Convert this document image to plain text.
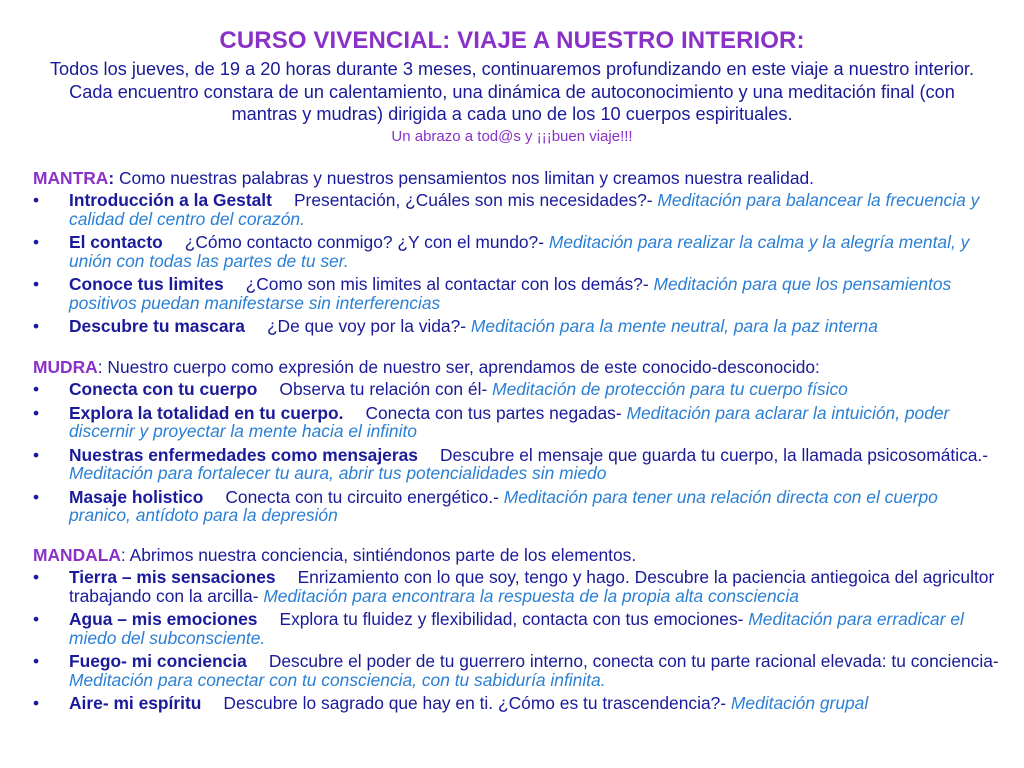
CURSO VIVENCIAL: VIAJE A NUESTRO INTERIOR:

Todos los jueves, de 19 a 20 horas durante 3 meses, continuaremos profundizando en este viaje a nuestro interior. Cada encuentro constara de un calentamiento, una dinámica de autoconocimiento y una meditación final (con mantras y mudras) dirigida a cada uno de los 10 cuerpos espirituales.

Un abrazo a tod@s y ¡¡¡buen viaje!!!

MANTRA: Como nuestras palabras y nuestros pensamientos nos limitan y creamos nuestra realidad.

• Introducción a la Gestalt Presentación, ¿Cuáles son mis necesidades?- Meditación para balancear la frecuencia y calidad del centro del corazón.
• El contacto ¿Cómo contacto conmigo? ¿Y con el mundo?- Meditación para realizar la calma y la alegría mental, y unión con todas las partes de tu ser.
• Conoce tus limites ¿Como son mis limites al contactar con los demás?- Meditación para que los pensamientos positivos puedan manifestarse sin interferencias
• Descubre tu mascara ¿De que voy por la vida?- Meditación para la mente neutral, para la paz interna

MUDRA: Nuestro cuerpo como expresión de nuestro ser, aprendamos de este conocido-desconocido:

• Conecta con tu cuerpo Observa tu relación con él- Meditación de protección para tu cuerpo físico
• Explora la totalidad en tu cuerpo. Conecta con tus partes negadas- Meditación para aclarar la intuición, poder discernir y proyectar la mente hacia el infinito
• Nuestras enfermedades como mensajeras Descubre el mensaje que guarda tu cuerpo, la llamada psicosomática.- Meditación para fortalecer tu aura, abrir tus potencialidades sin miedo
• Masaje holistico Conecta con tu circuito energético.- Meditación para tener una relación directa con el cuerpo pranico, antídoto para la depresión

MANDALA: Abrimos nuestra conciencia, sintiéndonos parte de los elementos.

• Tierra – mis sensaciones Enrizamiento con lo que soy, tengo y hago. Descubre la paciencia antiegoica del agricultor trabajando con la arcilla- Meditación para encontrara la respuesta de la propia alta consciencia
• Agua – mis emociones Explora tu fluidez y flexibilidad, contacta con tus emociones- Meditación para erradicar el miedo del subconsciente.
• Fuego- mi conciencia Descubre el poder de tu guerrero interno, conecta con tu parte racional elevada: tu conciencia- Meditación para conectar con tu consciencia, con tu sabiduría infinita.
• Aire- mi espíritu Descubre lo sagrado que hay en ti. ¿Cómo es tu trascendencia?- Meditación grupal
